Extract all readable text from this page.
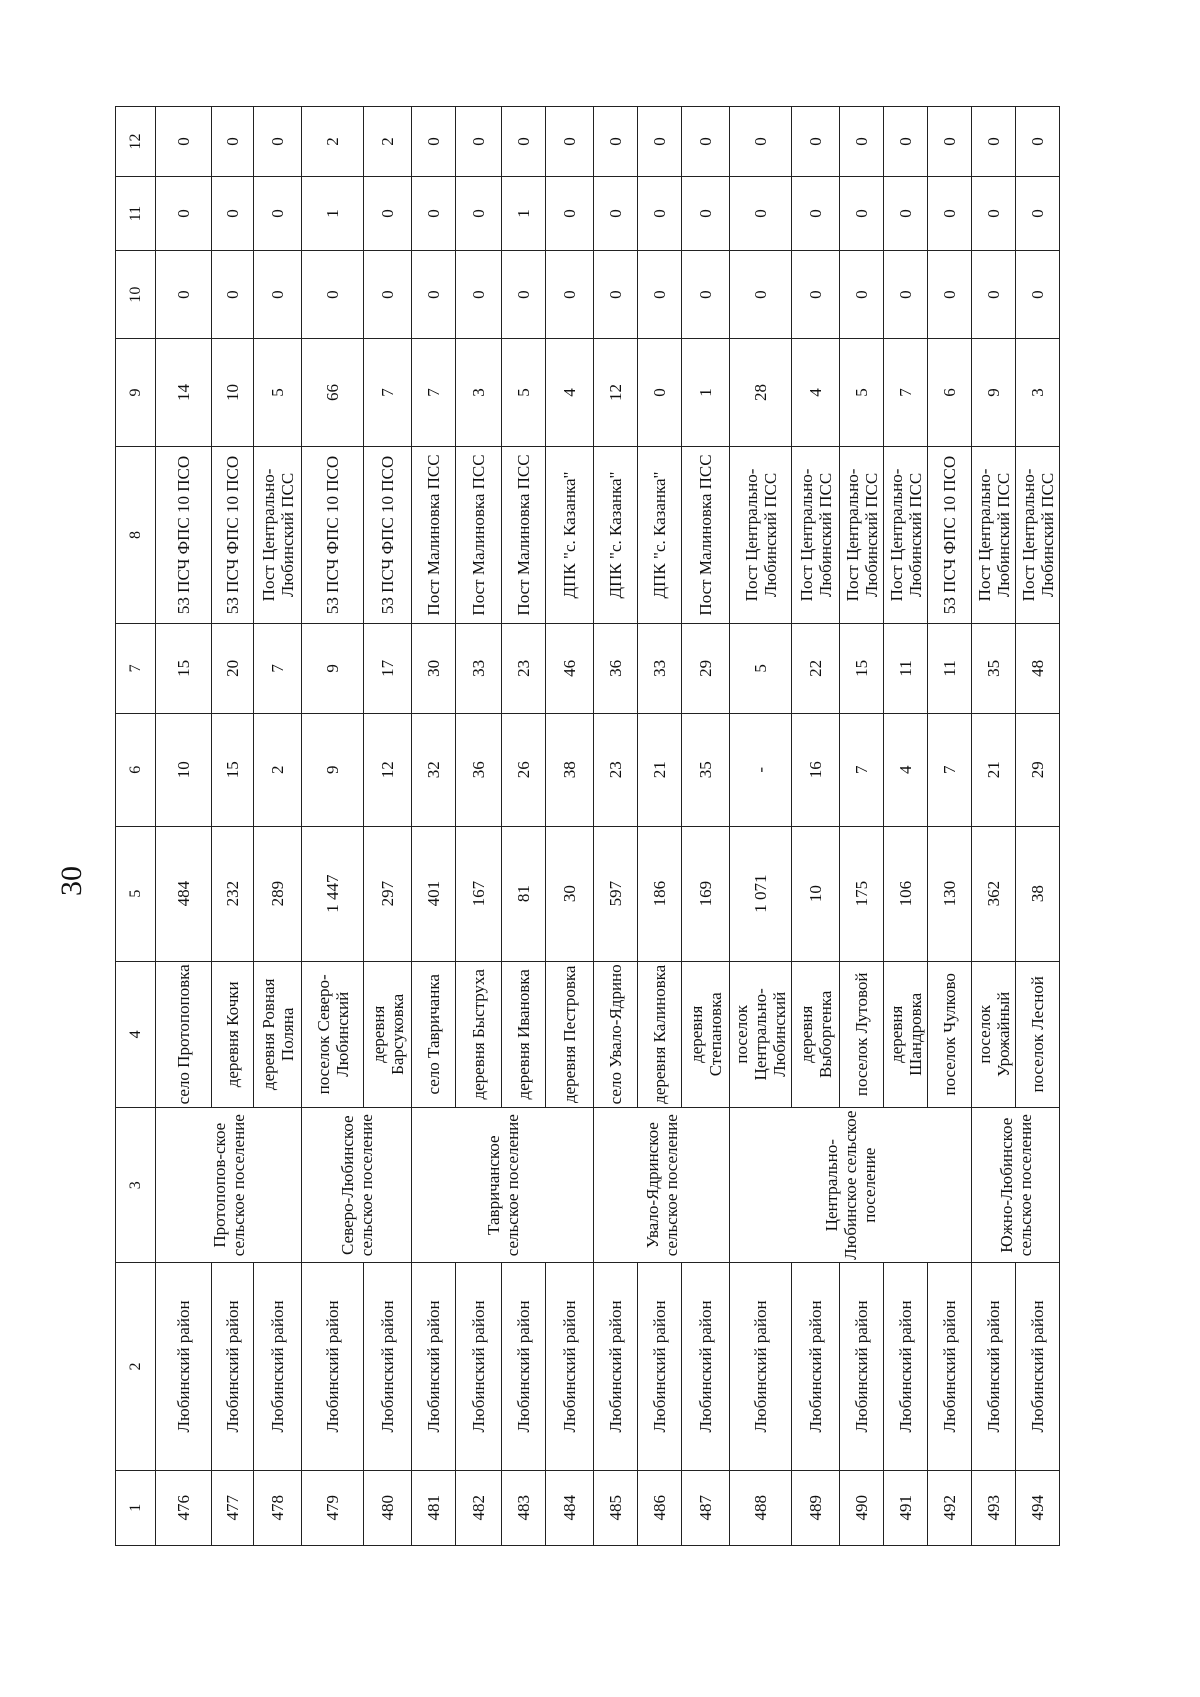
30
1	2	3	4	5	6	7	8	9	10	11	12
476	Любинский район	Протопопов-ское сельское поселение	село Протопоповка	484	10	15	53 ПСЧ ФПС 10 ПСО	14	0	0	0
477	Любинский район		деревня Кочки	232	15	20	53 ПСЧ ФПС 10 ПСО	10	0	0	0
478	Любинский район		деревня Ровная Поляна	289	2	7	Пост Центрально-Любинский ПСС	5	0	0	0
479	Любинский район	Северо-Любинское сельское поселение	поселок Северо-Любинский	1 447	9	9	53 ПСЧ ФПС 10 ПСО	66	0	1	2
480	Любинский район		деревня Барсуковка	297	12	17	53 ПСЧ ФПС 10 ПСО	7	0	0	2
481	Любинский район	Тавричанское сельское поселение	село Тавричанка	401	32	30	Пост Малиновка ПСС	7	0	0	0
482	Любинский район		деревня Быструха	167	36	33	Пост Малиновка ПСС	3	0	0	0
483	Любинский район		деревня Ивановка	81	26	23	Пост Малиновка ПСС	5	0	1	0
484	Любинский район		деревня Пестровка	30	38	46	ДПК "с. Казанка"	4	0	0	0
485	Любинский район	Увало-Ядринское сельское поселение	село Увало-Ядрино	597	23	36	ДПК "с. Казанка"	12	0	0	0
486	Любинский район		деревня Калиновка	186	21	33	ДПК "с. Казанка"	0	0	0	0
487	Любинский район		деревня Степановка	169	35	29	Пост Малиновка ПСС	1	0	0	0
488	Любинский район	Центрально-Любинское сельское поселение	поселок Центрально-Любинский	1 071	-	5	Пост Центрально-Любинский ПСС	28	0	0	0
489	Любинский район		деревня Выборгенка	10	16	22	Пост Центрально-Любинский ПСС	4	0	0	0
490	Любинский район		поселок Лутовой	175	7	15	Пост Центрально-Любинский ПСС	5	0	0	0
491	Любинский район		деревня Шандровка	106	4	11	Пост Центрально-Любинский ПСС	7	0	0	0
492	Любинский район		поселок Чулково	130	7	11	53 ПСЧ ФПС 10 ПСО	6	0	0	0
493	Любинский район	Южно-Любинское сельское поселение	поселок Урожайный	362	21	35	Пост Центрально-Любинский ПСС	9	0	0	0
494	Любинский район		поселок Лесной	38	29	48	Пост Центрально-Любинский ПСС	3	0	0	0
